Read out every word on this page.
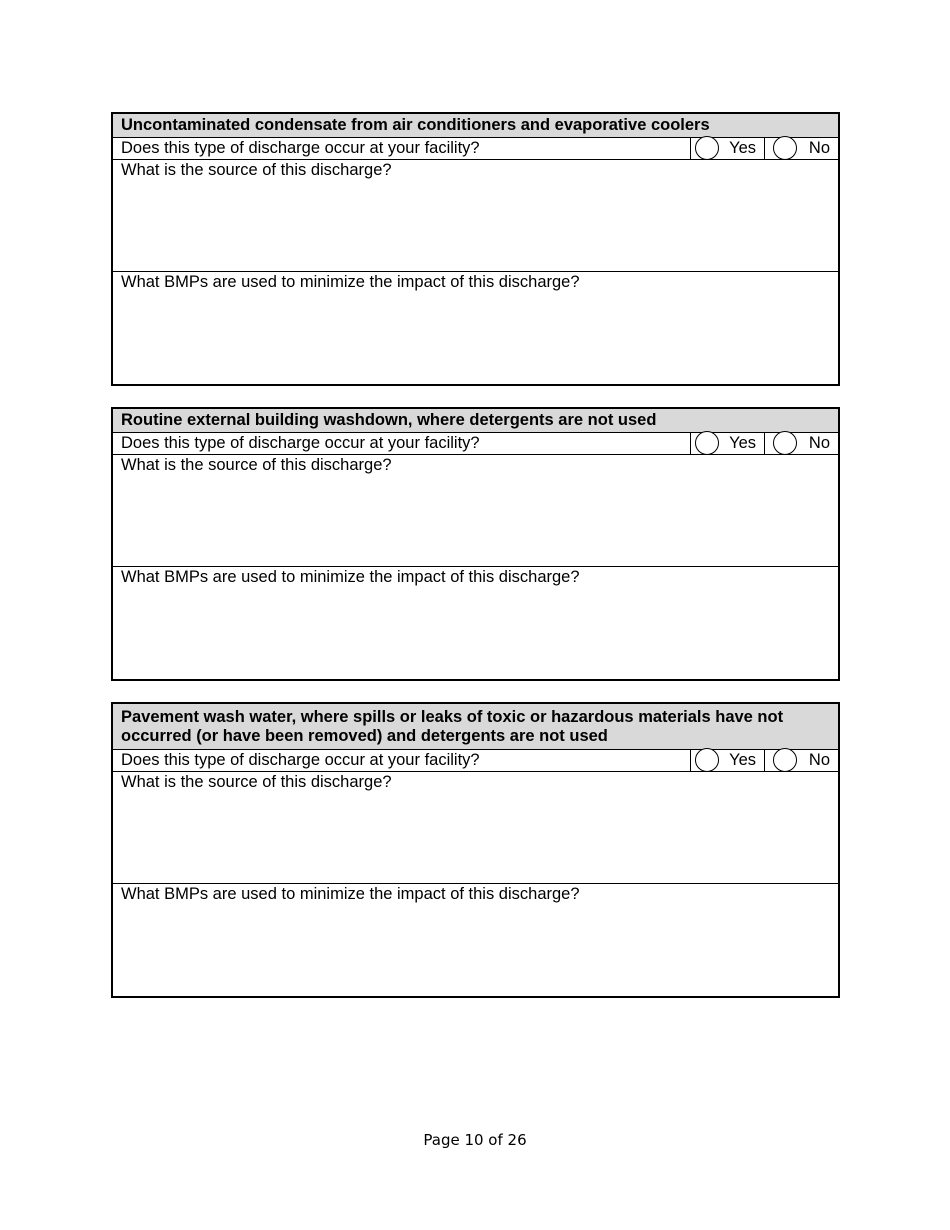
Uncontaminated condensate from air conditioners and evaporative coolers
Does this type of discharge occur at your facility?	Yes	No
What is the source of this discharge?
What BMPs are used to minimize the impact of this discharge?
Routine external building washdown, where detergents are not used
Does this type of discharge occur at your facility?	Yes	No
What is the source of this discharge?
What BMPs are used to minimize the impact of this discharge?
Pavement wash water, where spills or leaks of toxic or hazardous materials have not occurred (or have been removed) and detergents are not used
Does this type of discharge occur at your facility?	Yes	No
What is the source of this discharge?
What BMPs are used to minimize the impact of this discharge?
Page 10 of 26
